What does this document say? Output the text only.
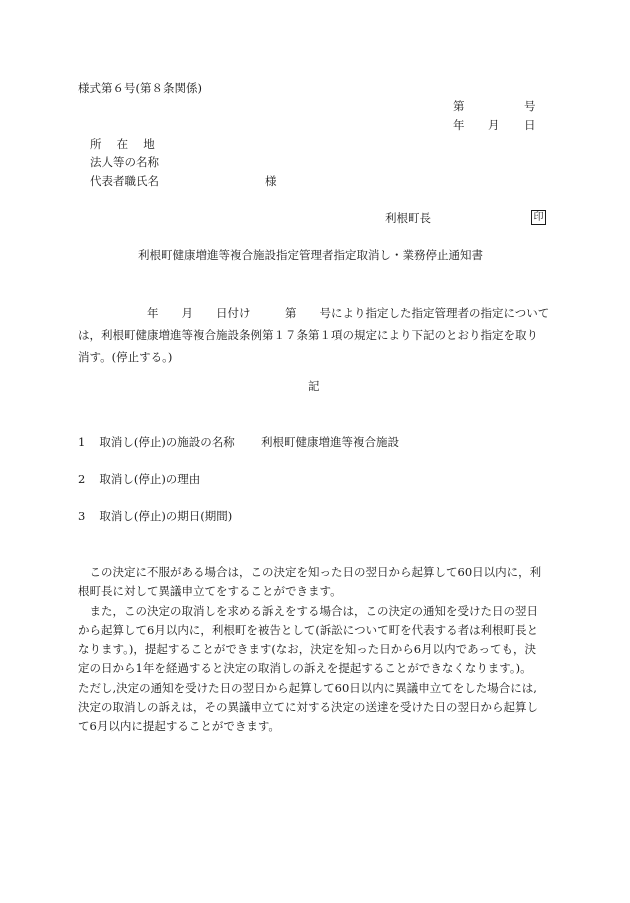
様式第６号(第８条関係)
第	号
年 月 日
所　 在 　地
法人等の名称
代表者職氏名	様
利根町長	印
利根町健康増進等複合施設指定管理者指定取消し・業務停止通知書
　　　　　　年　　月　　日付け　　　第　　号により指定した指定管理者の指定について
は，利根町健康増進等複合施設条例第１７条第１項の規定により下記のとおり指定を取り
消す。(停止する。)
記
1 取消し(停止)の施設の名称 利根町健康増進等複合施設
2 取消し(停止)の理由
3 取消し(停止)の期日(期間)
　この決定に不服がある場合は，この決定を知った日の翌日から起算して60日以内に，利
根町長に対して異議申立てをすることができます。
　また，この決定の取消しを求める訴えをする場合は，この決定の通知を受けた日の翌日
から起算して6月以内に，利根町を被告として(訴訟について町を代表する者は利根町長と
なります。)，提起することができます(なお，決定を知った日から6月以内であっても，決
定の日から1年を経過すると決定の取消しの訴えを提起することができなくなります。)。
ただし,決定の通知を受けた日の翌日から起算して60日以内に異議申立てをした場合には,
決定の取消しの訴えは，その異議申立てに対する決定の送達を受けた日の翌日から起算し
て6月以内に提起することができます。
